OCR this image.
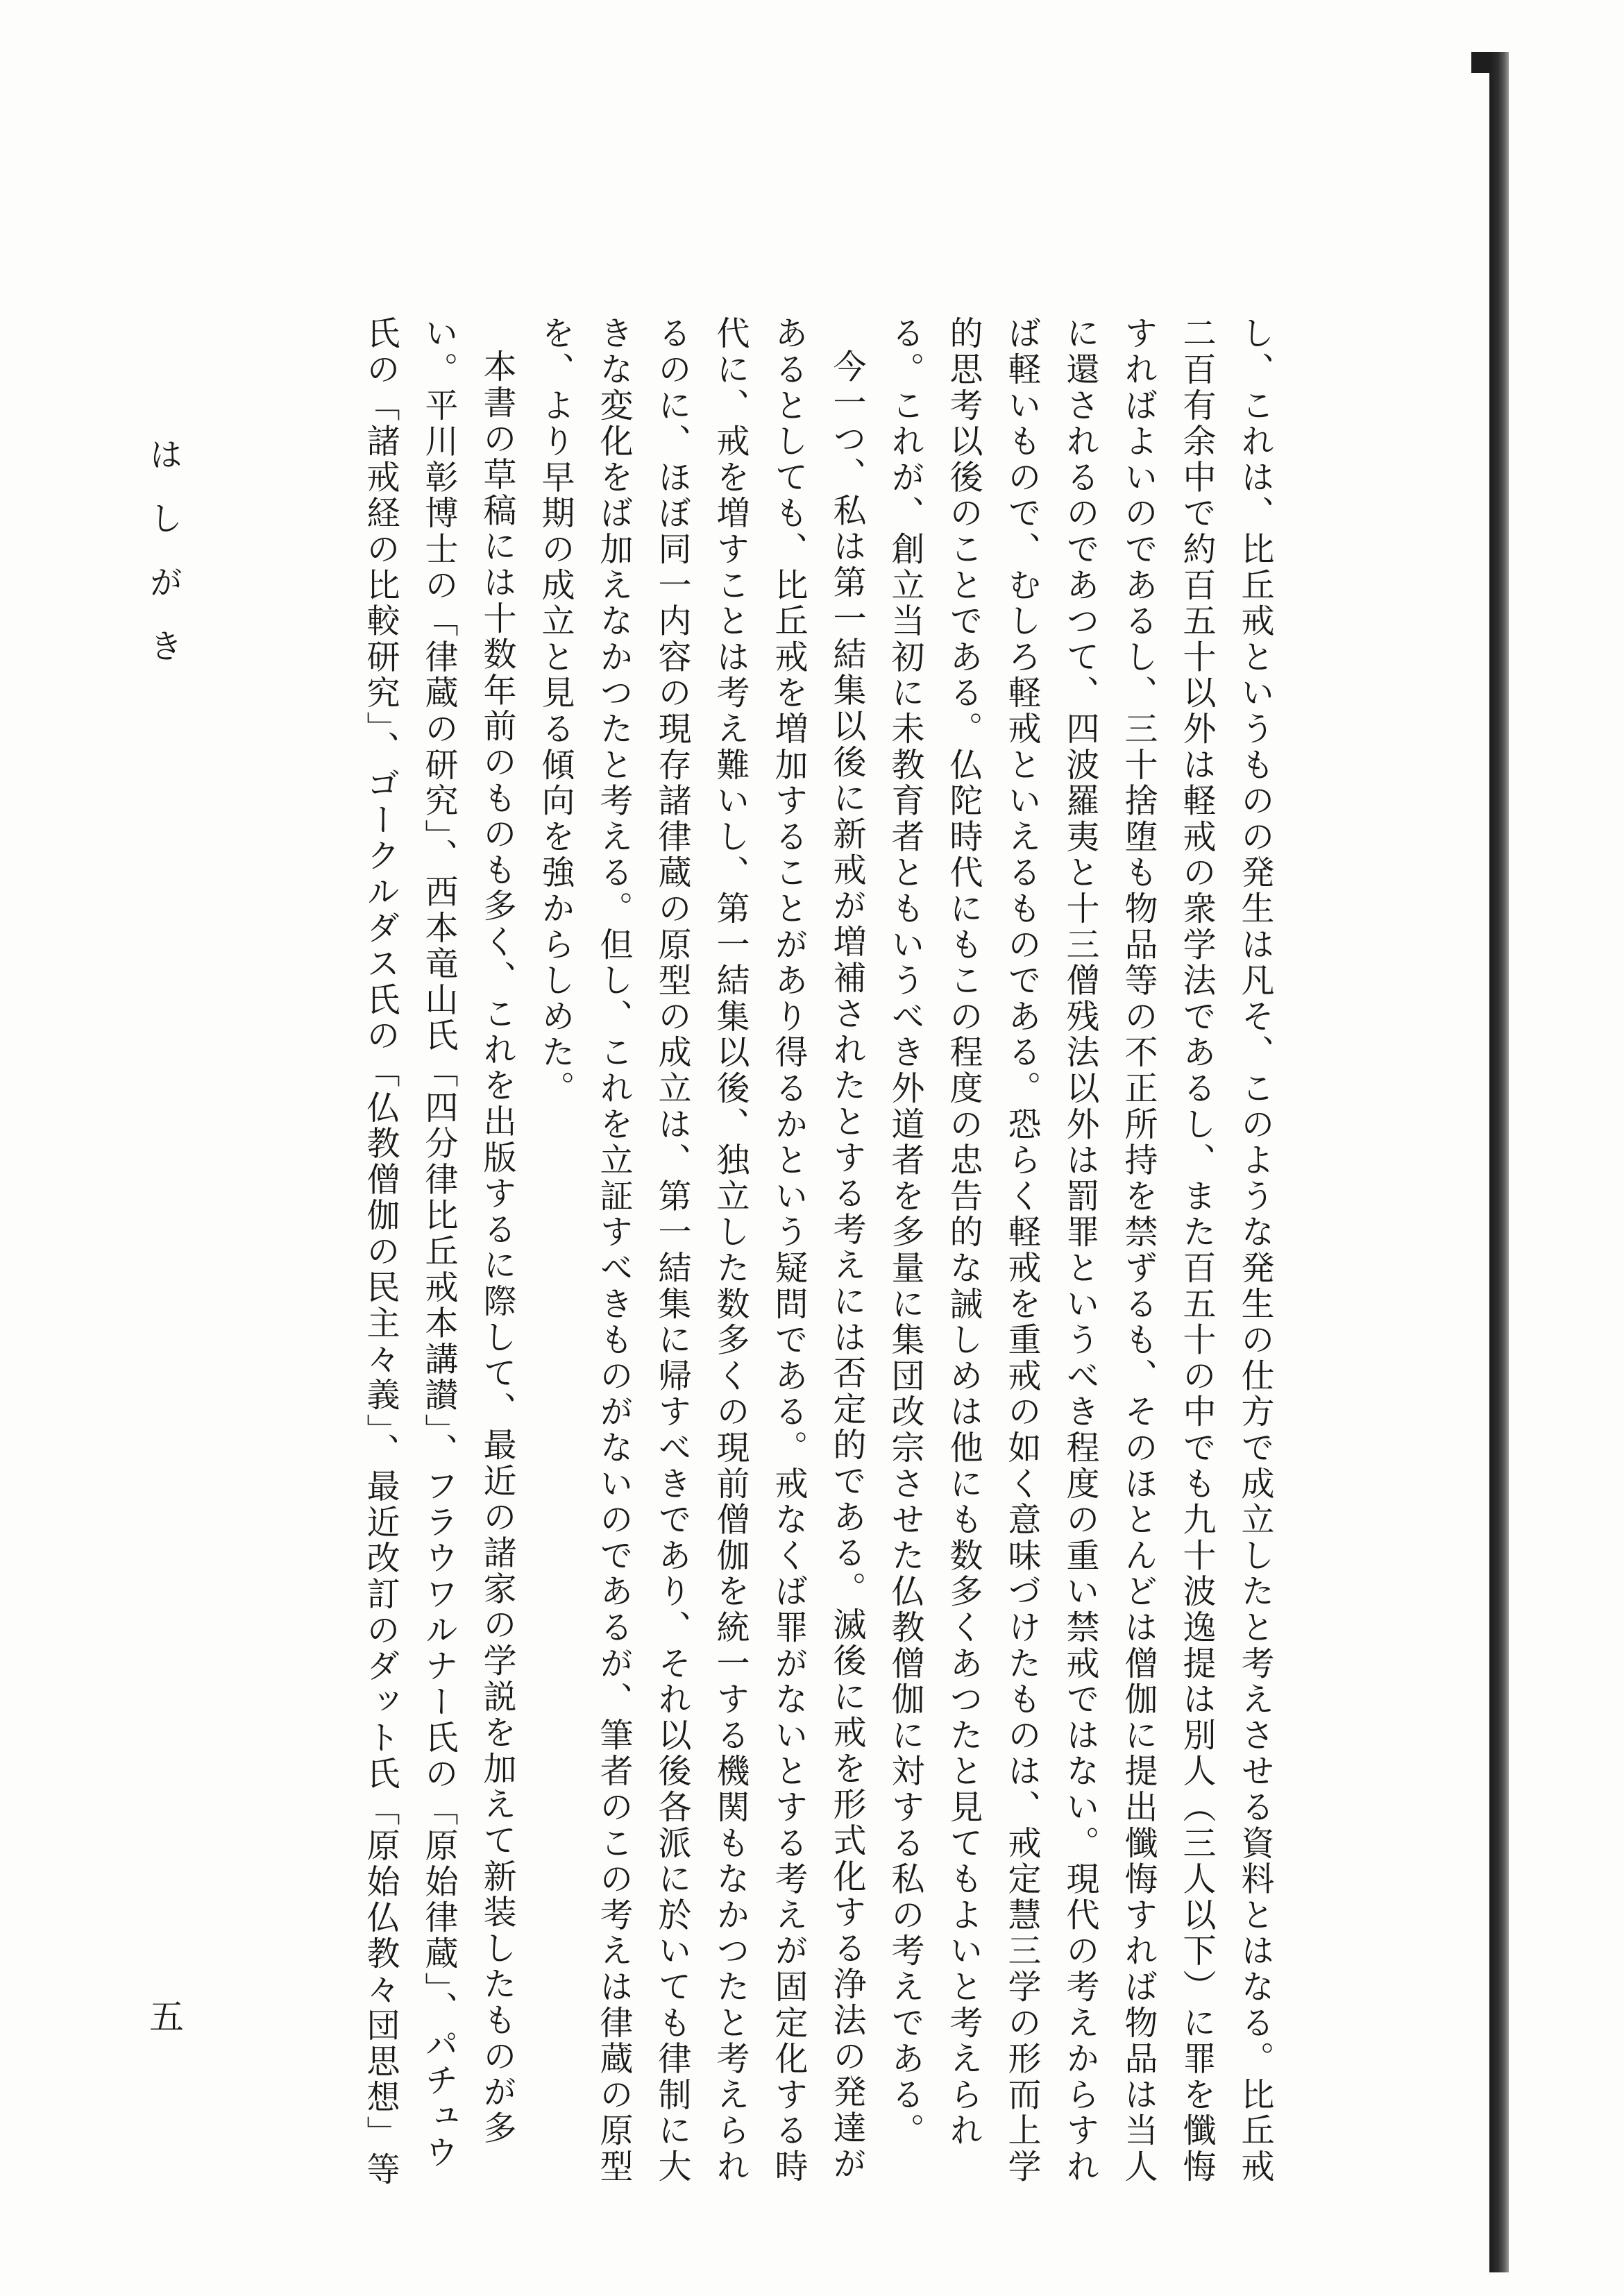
し、これは、比丘戒というものの発生は凡そ、このような発生の仕方で成立したと考えさせる資料とはなる。比丘戒二百有余中で約百五十以外は軽戒の衆学法であるし、また百五十の中でも九十波逸提は別人（三人以下）に罪を懺悔すればよいのであるし、三十捨堕も物品等の不正所持を禁ずるも、そのほとんどは僧伽に提出懺悔すれば物品は当人に還されるのであつて、四波羅夷と十三僧残法以外は罰罪というべき程度の重い禁戒ではない。現代の考えからすれば軽いもので、むしろ軽戒といえるものである。恐らく軽戒を重戒の如く意味づけたものは、戒定慧三学の形而上学的思考以後のことである。仏陀時代にもこの程度の忠告的な誡しめは他にも数多くあつたと見てもよいと考えられる。これが、創立当初に未教育者ともいうべき外道者を多量に集団改宗させた仏教僧伽に対する私の考えである。

今一つ、私は第一結集以後に新戒が増補されたとする考えには否定的である。滅後に戒を形式化する浄法の発達があるとしても、比丘戒を増加することがあり得るかという疑問である。戒なくば罪がないとする考えが固定化する時代に、戒を増すことは考え難いし、第一結集以後、独立した数多くの現前僧伽を統一する機関もなかつたと考えられるのに、ほぼ同一内容の現存諸律蔵の原型の成立は、第一結集に帰すべきであり、それ以後各派に於いても律制に大きな変化をば加えなかつたと考える。但し、これを立証すべきものがないのであるが、筆者のこの考えは律蔵の原型を、より早期の成立と見る傾向を強からしめた。

本書の草稿には十数年前のものも多く、これを出版するに際して、最近の諸家の学説を加えて新装したものが多い。平川彰博士の「律蔵の研究」、西本竜山氏「四分律比丘戒本講讃」、フラウワルナー氏の「原始律蔵」、パチュウ氏の「諸戒経の比較研究」、ゴークルダス氏の「仏教僧伽の民主々義」、最近改訂のダット氏「原始仏教々団思想」等

はしがき
五
